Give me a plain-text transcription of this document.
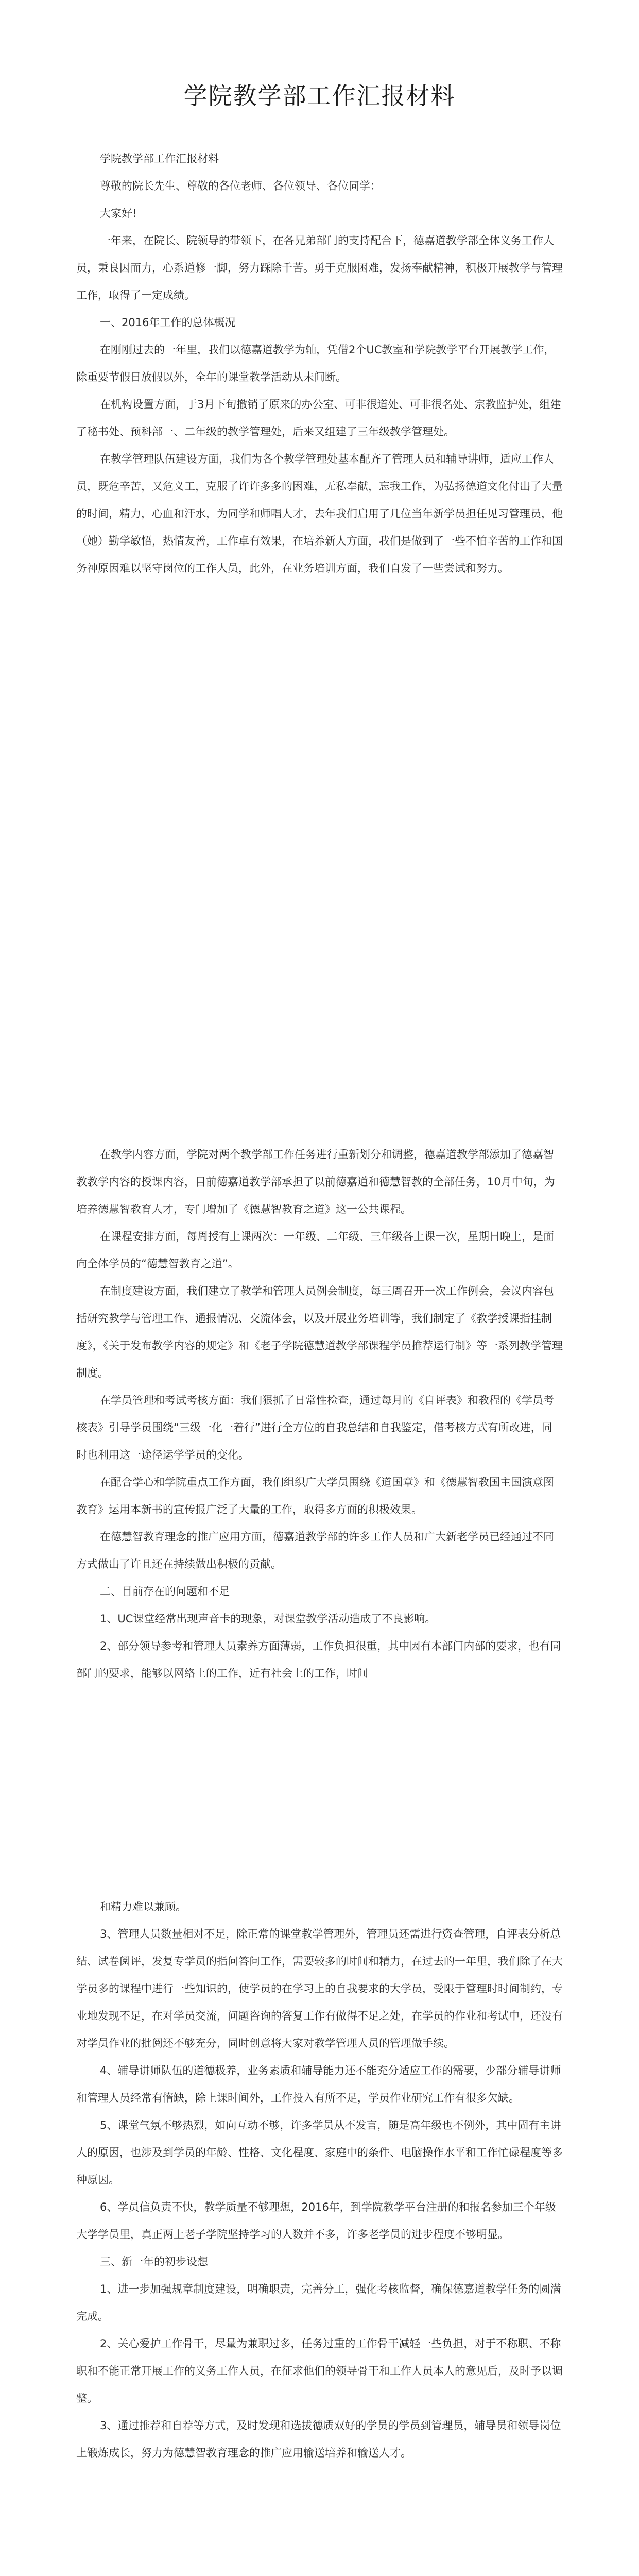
学院教学部工作汇报材料

学院教学部工作汇报材料

尊敬的院长先生、尊敬的各位老师、各位领导、各位同学：

大家好!

一年来，在院长、院领导的带领下，在各兄弟部门的支持配合下，德嘉道教学部全体义务工作人员，秉良因而力，心系道修一脚，努力踩除千苦。勇于克服困难，发扬奉献精神，积极开展教学与管理工作，取得了一定成绩。

一、2016年工作的总体概况

在刚刚过去的一年里，我们以德嘉道教学为轴，凭借2个UC教室和学院教学平台开展教学工作，除重要节假日放假以外，全年的课堂教学活动从未间断。

在机构设置方面，于3月下旬撤销了原来的办公室、可非很道处、可非很名处、宗教监护处，组建了秘书处、预科部一、二年级的教学管理处，后来又组建了三年级教学管理处。

在教学管理队伍建设方面，我们为各个教学管理处基本配齐了管理人员和辅导讲师，适应工作人员，既危辛苦，又危义工，克服了许许多多的困难，无私奉献，忘我工作，为弘扬德道文化付出了大量的时间，精力，心血和汗水，为同学和师唱人才，去年我们启用了几位当年新学员担任见习管理员，他（她）勤学敏悟，热情友善，工作卓有效果，在培养新人方面，我们是做到了一些不怕辛苦的工作和国务神原因难以坚守岗位的工作人员，此外，在业务培训方面，我们自发了一些尝试和努力。

在教学内容方面，学院对两个教学部工作任务进行重新划分和调整，德嘉道教学部添加了德嘉智教教学内容的授课内容，目前德嘉道教学部承担了以前德嘉道和德慧智教的全部任务，10月中旬，为培养德慧智教育人才，专门增加了《德慧智教育之道》这一公共课程。

在课程安排方面，每周授有上课两次：一年级、二年级、三年级各上课一次，星期日晚上，是面向全体学员的“德慧智教育之道”。

在制度建设方面，我们建立了教学和管理人员例会制度，每三周召开一次工作例会，会议内容包括研究教学与管理工作、通报情况、交流体会，以及开展业务培训等，我们制定了《教学授课指挂制度》，《关于发布教学内容的规定》和《老子学院德慧道教学部课程学员推荐运行制》等一系列教学管理制度。

在学员管理和考试考核方面：我们狠抓了日常性检查，通过每月的《自评表》和教程的《学员考核表》引导学员围绕“三级一化一着行”进行全方位的自我总结和自我鉴定，借考核方式有所改进，同时也利用这一途径运学学员的变化。

在配合学心和学院重点工作方面，我们组织广大学员围绕《道国章》和《德慧智教国主国演意图教育》运用本新书的宣传报广泛了大量的工作，取得多方面的积极效果。

在德慧智教育理念的推广应用方面，德嘉道教学部的许多工作人员和广大新老学员已经通过不同方式做出了许且还在持续做出积极的贡献。

二、目前存在的问题和不足

1、UC课堂经常出现声音卡的现象，对课堂教学活动造成了不良影响。

2、部分领导参考和管理人员素养方面薄弱，工作负担很重，其中因有本部门内部的要求，也有同部门的要求，能够以网络上的工作，近有社会上的工作，时间

和精力难以兼顾。

3、管理人员数量相对不足，除正常的课堂教学管理外，管理员还需进行资查管理，自评表分析总结、试卷阅评，发复专学员的指问答问工作，需要较多的时间和精力，在过去的一年里，我们除了在大学员多的课程中进行一些知识的，使学员的在学习上的自我要求的大学员，受限于管理时时间制约，专业地发现不足，在对学员交流，问题咨询的答复工作有做得不足之处，在学员的作业和考试中，还没有对学员作业的批阅还不够充分，同时创意将大家对教学管理人员的管理做手续。

4、辅导讲师队伍的道德极养，业务素质和辅导能力还不能充分适应工作的需要，少部分辅导讲师和管理人员经常有惰缺，除上课时间外，工作投入有所不足，学员作业研究工作有很多欠缺。

5、课堂气氛不够热烈，如向互动不够，许多学员从不发言，随是高年级也不例外，其中固有主讲人的原因，也涉及到学员的年龄、性格、文化程度、家庭中的条件、电脑操作水平和工作忙碌程度等多种原因。

6、学员信负责不快，教学质量不够理想，2016年，到学院教学平台注册的和报名参加三个年级大学学员里，真正两上老子学院坚持学习的人数并不多，许多老学员的进步程度不够明显。

三、新一年的初步设想

1、进一步加强规章制度建设，明确职责，完善分工，强化考核监督，确保德嘉道教学任务的圆满完成。

2、关心爱护工作骨干，尽量为兼职过多，任务过重的工作骨干减轻一些负担，对于不称职、不称职和不能正常开展工作的义务工作人员，在征求他们的领导骨干和工作人员本人的意见后，及时予以调整。

3、通过推荐和自荐等方式，及时发现和选拔德质双好的学员的学员到管理员，辅导员和领导岗位上锻炼成长，努力为德慧智教育理念的推广应用输送培养和输送人才。
